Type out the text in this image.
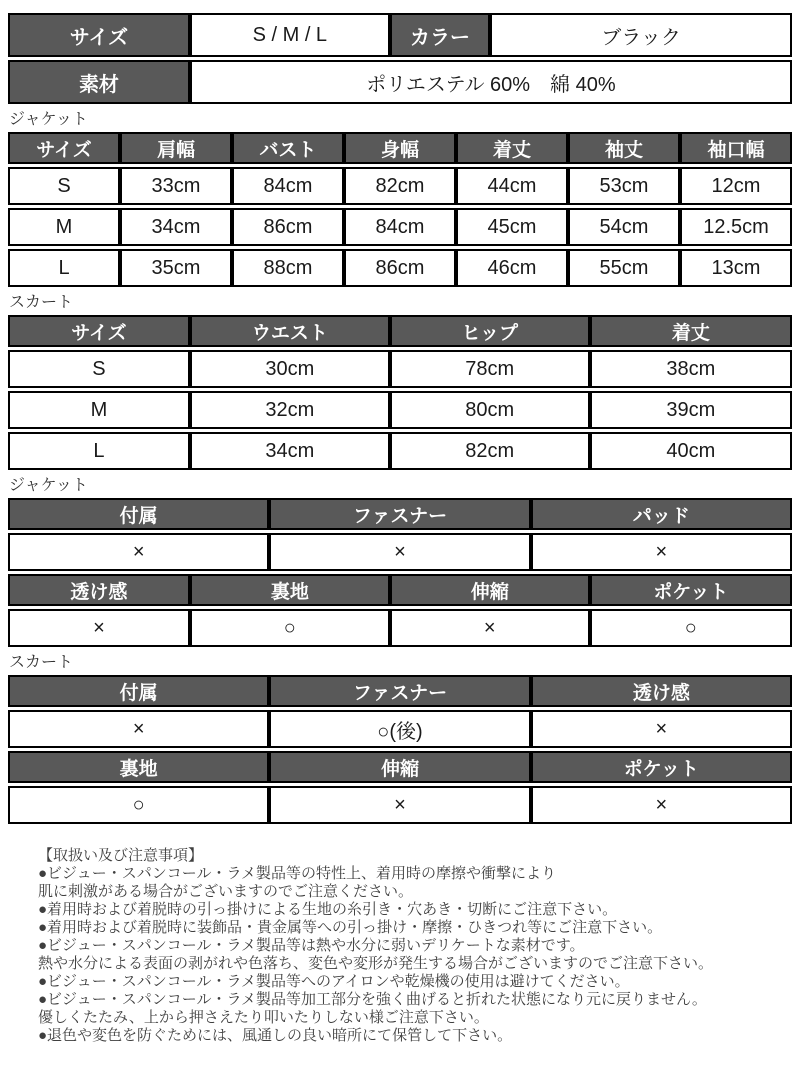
サイズ	S / M / L	カラー	ブラック
素材	ポリエステル 60%　綿 40%		
ジャケット
サイズ	肩幅	バスト	身幅	着丈	袖丈	袖口幅
S	33cm	84cm	82cm	44cm	53cm	12cm
M	34cm	86cm	84cm	45cm	54cm	12.5cm
L	35cm	88cm	86cm	46cm	55cm	13cm
スカート
サイズ	ウエスト	ヒップ	着丈
S	30cm	78cm	38cm
M	32cm	80cm	39cm
L	34cm	82cm	40cm
ジャケット
付属	ファスナー	パッド
×	×	×
透け感	裏地	伸縮	ポケット
×	○	×	○
スカート
付属	ファスナー	透け感
×	○(後)	×
裏地	伸縮	ポケット
○	×	×
【取扱い及び注意事項】
●ビジュー・スパンコール・ラメ製品等の特性上、着用時の摩擦や衝撃により
肌に刺激がある場合がございますのでご注意ください。
●着用時および着脱時の引っ掛けによる生地の糸引き・穴あき・切断にご注意下さい。
●着用時および着脱時に装飾品・貴金属等への引っ掛け・摩擦・ひきつれ等にご注意下さい。
●ビジュー・スパンコール・ラメ製品等は熱や水分に弱いデリケートな素材です。
熱や水分による表面の剥がれや色落ち、変色や変形が発生する場合がございますのでご注意下さい。
●ビジュー・スパンコール・ラメ製品等へのアイロンや乾燥機の使用は避けてください。
●ビジュー・スパンコール・ラメ製品等加工部分を強く曲げると折れた状態になり元に戻りません。
優しくたたみ、上から押さえたり叩いたりしない様ご注意下さい。
●退色や変色を防ぐためには、風通しの良い暗所にて保管して下さい。
